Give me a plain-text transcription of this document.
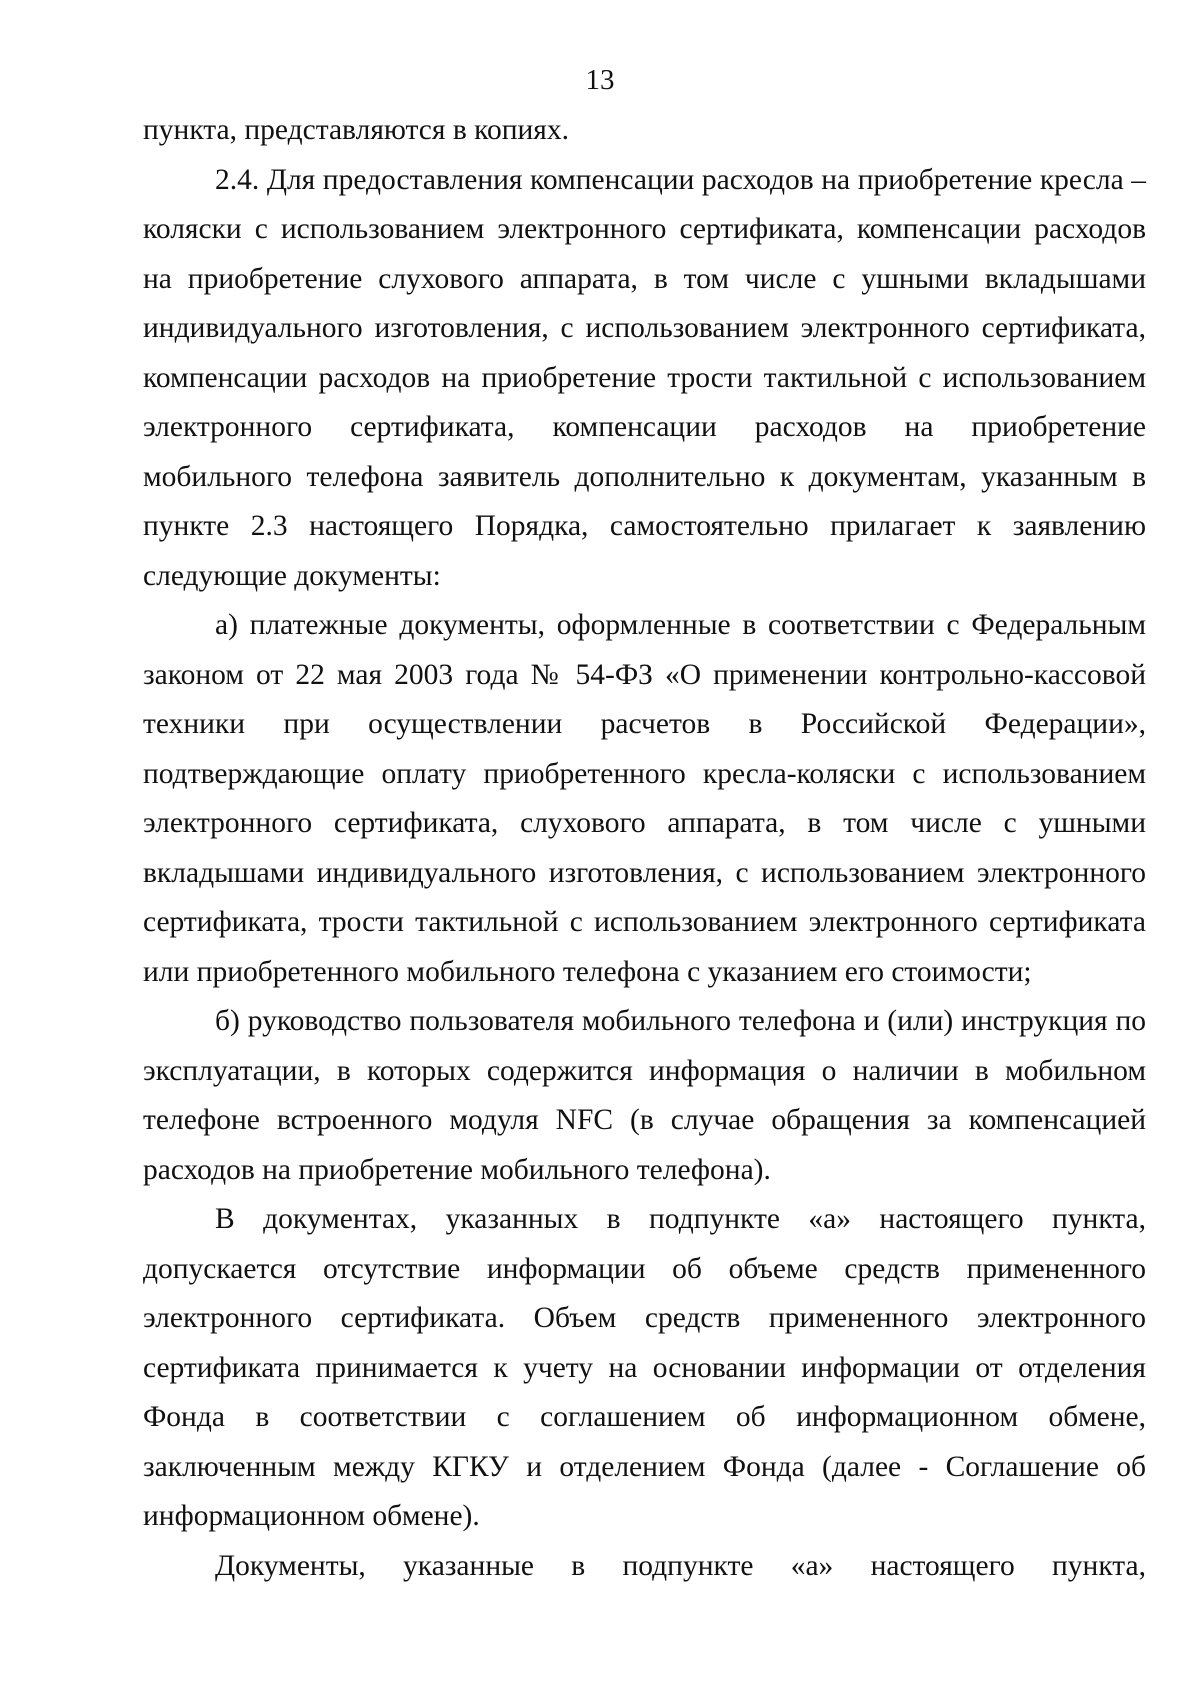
13

пункта, представляются в копиях.

2.4. Для предоставления компенсации расходов на приобретение кресла – коляски с использованием электронного сертификата, компенсации расходов на приобретение слухового аппарата, в том числе с ушными вкладышами индивидуального изготовления, с использованием электронного сертификата, компенсации расходов на приобретение трости тактильной с использованием электронного сертификата, компенсации расходов на приобретение мобильного телефона заявитель дополнительно к документам, указанным в пункте 2.3 настоящего Порядка, самостоятельно прилагает к заявлению следующие документы:

а) платежные документы, оформленные в соответствии с Федеральным законом от 22 мая 2003 года № 54-ФЗ «О применении контрольно-кассовой техники при осуществлении расчетов в Российской Федерации», подтверждающие оплату приобретенного кресла-коляски с использованием электронного сертификата, слухового аппарата, в том числе с ушными вкладышами индивидуального изготовления, с использованием электронного сертификата, трости тактильной с использованием электронного сертификата или приобретенного мобильного телефона с указанием его стоимости;

б) руководство пользователя мобильного телефона и (или) инструкция по эксплуатации, в которых содержится информация о наличии в мобильном телефоне встроенного модуля NFC (в случае обращения за компенсацией расходов на приобретение мобильного телефона).

В документах, указанных в подпункте «а» настоящего пункта, допускается отсутствие информации об объеме средств примененного электронного сертификата. Объем средств примененного электронного сертификата принимается к учету на основании информации от отделения Фонда в соответствии с соглашением об информационном обмене, заключенным между КГКУ и отделением Фонда (далее - Соглашение об информационном обмене).

Документы, указанные в подпункте «а» настоящего пункта,
